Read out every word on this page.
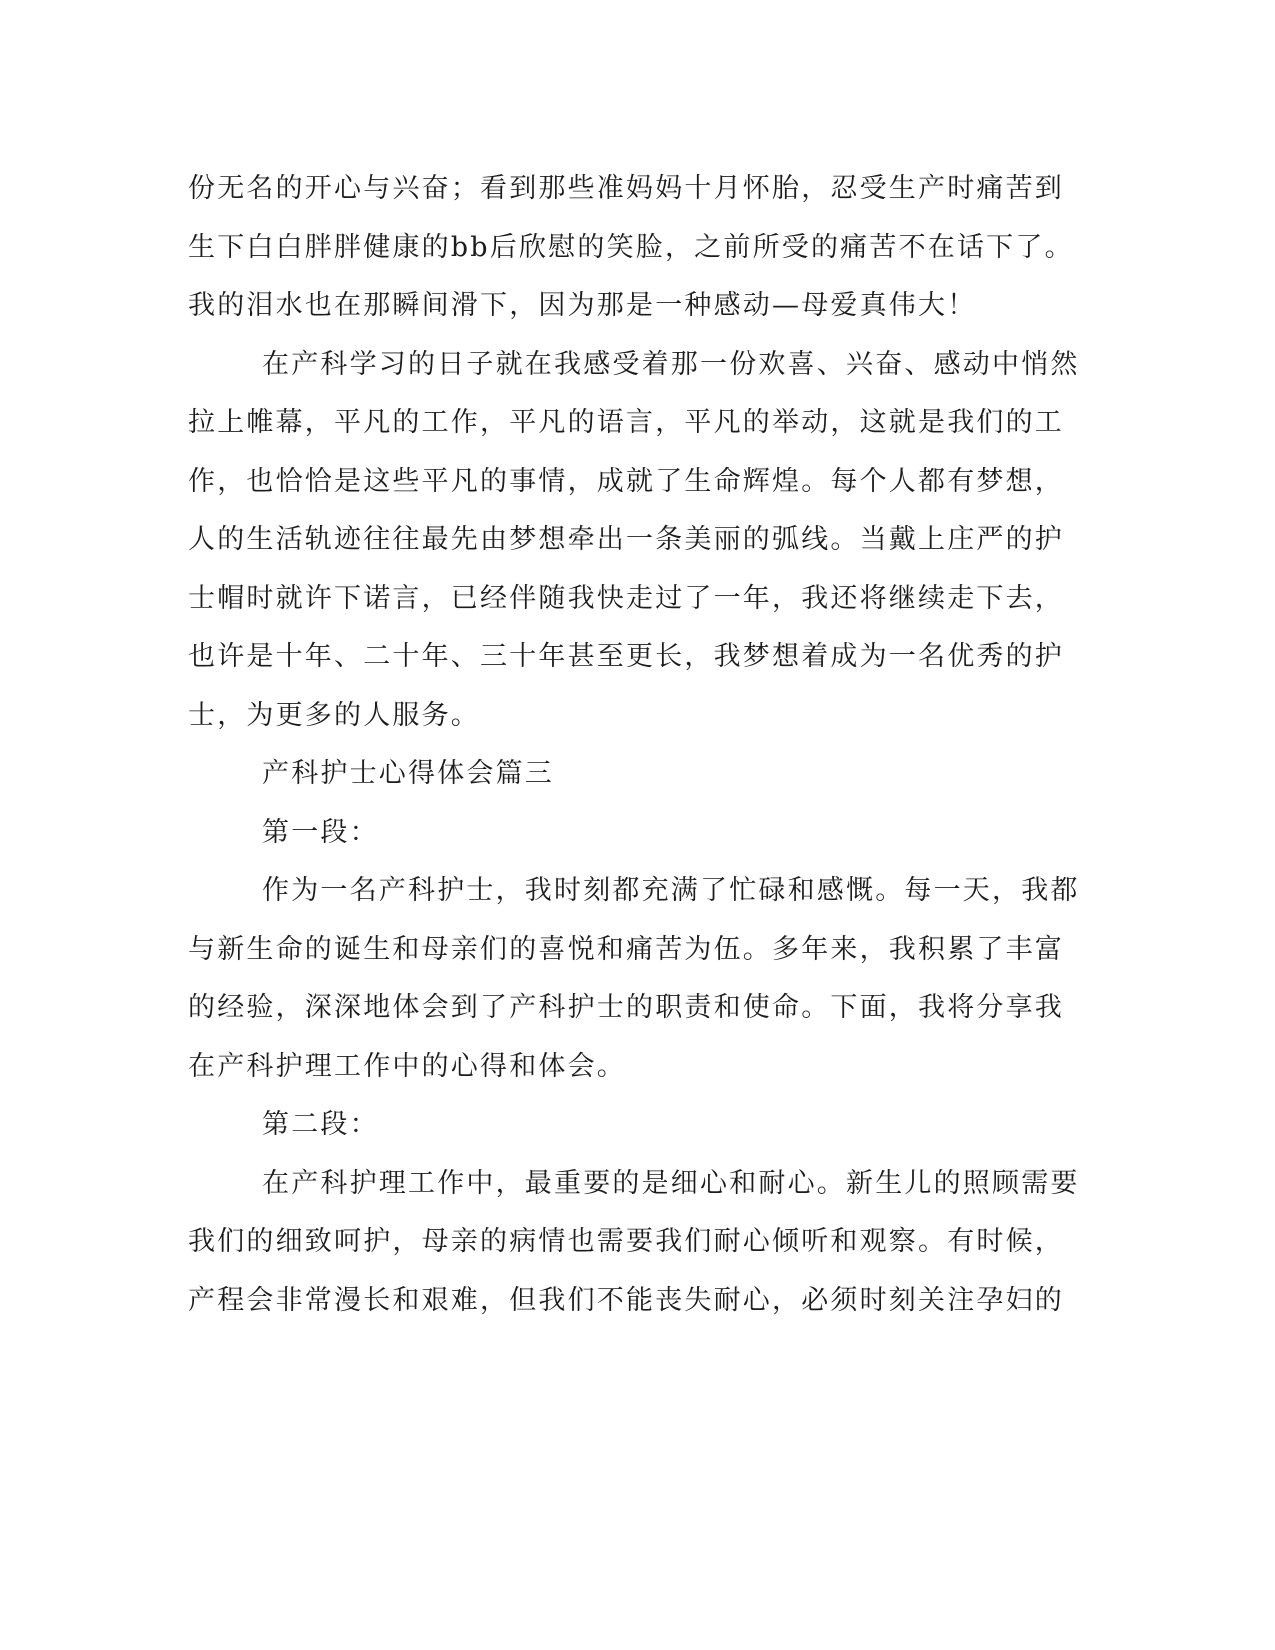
份无名的开心与兴奋；看到那些准妈妈十月怀胎，忍受生产时痛苦到
生下白白胖胖健康的bb后欣慰的笑脸，之前所受的痛苦不在话下了。
我的泪水也在那瞬间滑下，因为那是一种感动—母爱真伟大！
在产科学习的日子就在我感受着那一份欢喜、兴奋、感动中悄然
拉上帷幕，平凡的工作，平凡的语言，平凡的举动，这就是我们的工
作，也恰恰是这些平凡的事情，成就了生命辉煌。每个人都有梦想，
人的生活轨迹往往最先由梦想牵出一条美丽的弧线。当戴上庄严的护
士帽时就许下诺言，已经伴随我快走过了一年，我还将继续走下去，
也许是十年、二十年、三十年甚至更长，我梦想着成为一名优秀的护
士，为更多的人服务。
产科护士心得体会篇三
第一段：
作为一名产科护士，我时刻都充满了忙碌和感慨。每一天，我都
与新生命的诞生和母亲们的喜悦和痛苦为伍。多年来，我积累了丰富
的经验，深深地体会到了产科护士的职责和使命。下面，我将分享我
在产科护理工作中的心得和体会。
第二段：
在产科护理工作中，最重要的是细心和耐心。新生儿的照顾需要
我们的细致呵护，母亲的病情也需要我们耐心倾听和观察。有时候，
产程会非常漫长和艰难，但我们不能丧失耐心，必须时刻关注孕妇的
